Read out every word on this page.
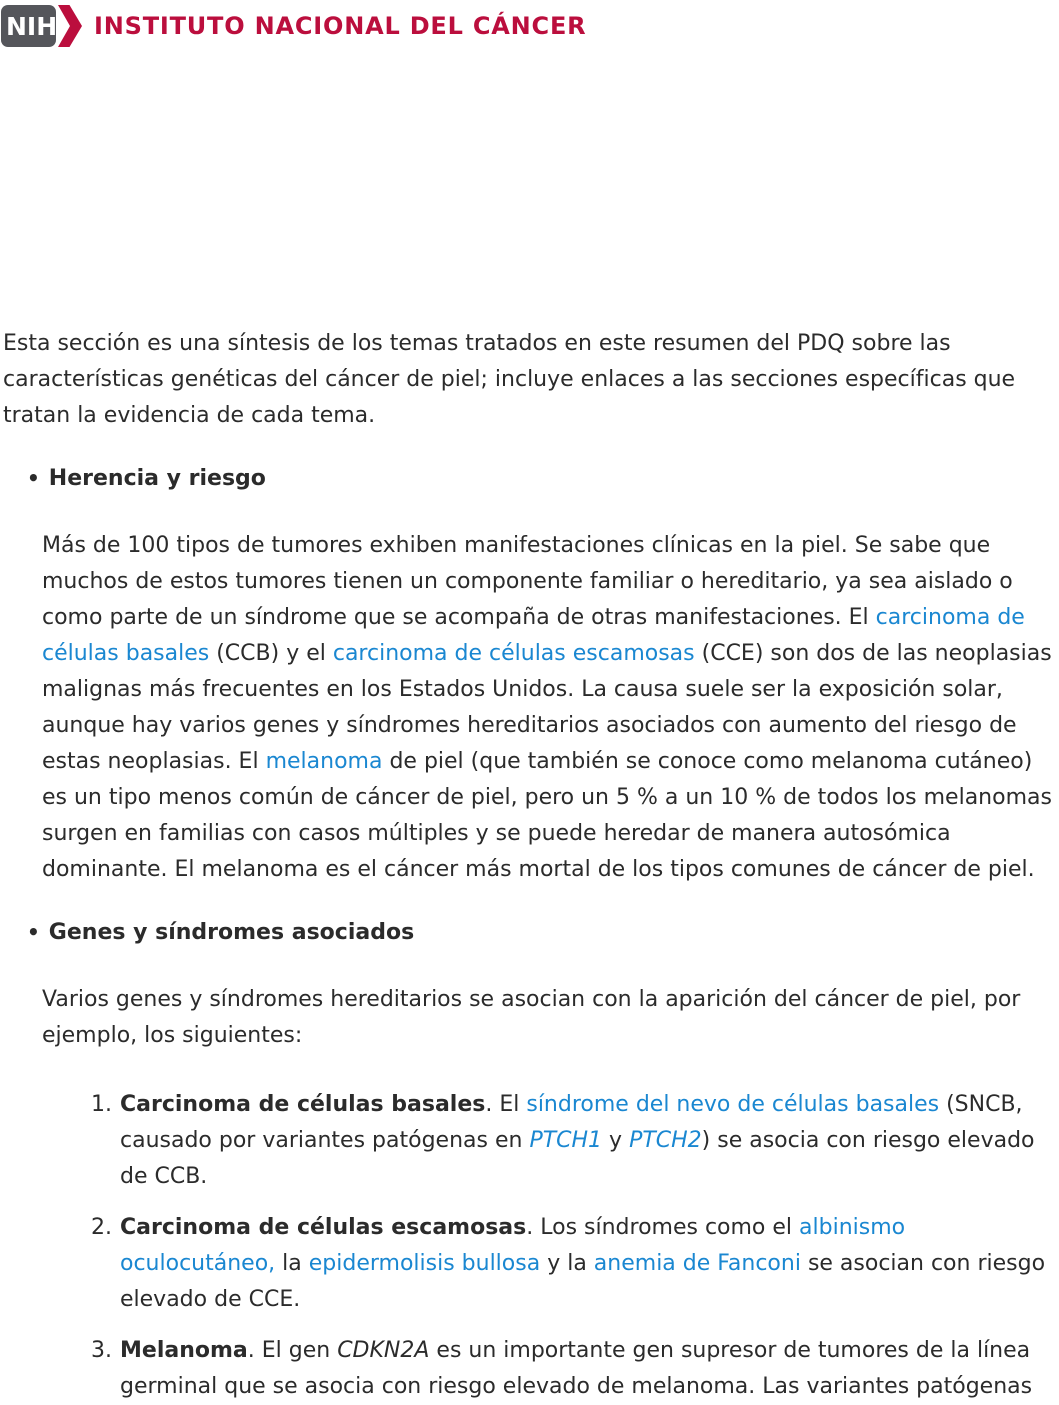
NIH INSTITUTO NACIONAL DEL CÁNCER

Esta sección es una síntesis de los temas tratados en este resumen del PDQ sobre las características genéticas del cáncer de piel; incluye enlaces a las secciones específicas que tratan la evidencia de cada tema.

• Herencia y riesgo

Más de 100 tipos de tumores exhiben manifestaciones clínicas en la piel. Se sabe que muchos de estos tumores tienen un componente familiar o hereditario, ya sea aislado o como parte de un síndrome que se acompaña de otras manifestaciones. El carcinoma de células basales (CCB) y el carcinoma de células escamosas (CCE) son dos de las neoplasias malignas más frecuentes en los Estados Unidos. La causa suele ser la exposición solar, aunque hay varios genes y síndromes hereditarios asociados con aumento del riesgo de estas neoplasias. El melanoma de piel (que también se conoce como melanoma cutáneo) es un tipo menos común de cáncer de piel, pero un 5 % a un 10 % de todos los melanomas surgen en familias con casos múltiples y se puede heredar de manera autosómica dominante. El melanoma es el cáncer más mortal de los tipos comunes de cáncer de piel.

• Genes y síndromes asociados

Varios genes y síndromes hereditarios se asocian con la aparición del cáncer de piel, por ejemplo, los siguientes:

1. Carcinoma de células basales. El síndrome del nevo de células basales (SNCB, causado por variantes patógenas en PTCH1 y PTCH2) se asocia con riesgo elevado de CCB.
2. Carcinoma de células escamosas. Los síndromes como el albinismo oculocutáneo, la epidermolisis bullosa y la anemia de Fanconi se asocian con riesgo elevado de CCE.
3. Melanoma. El gen CDKN2A es un importante gen supresor de tumores de la línea germinal que se asocia con riesgo elevado de melanoma. Las variantes patógenas
